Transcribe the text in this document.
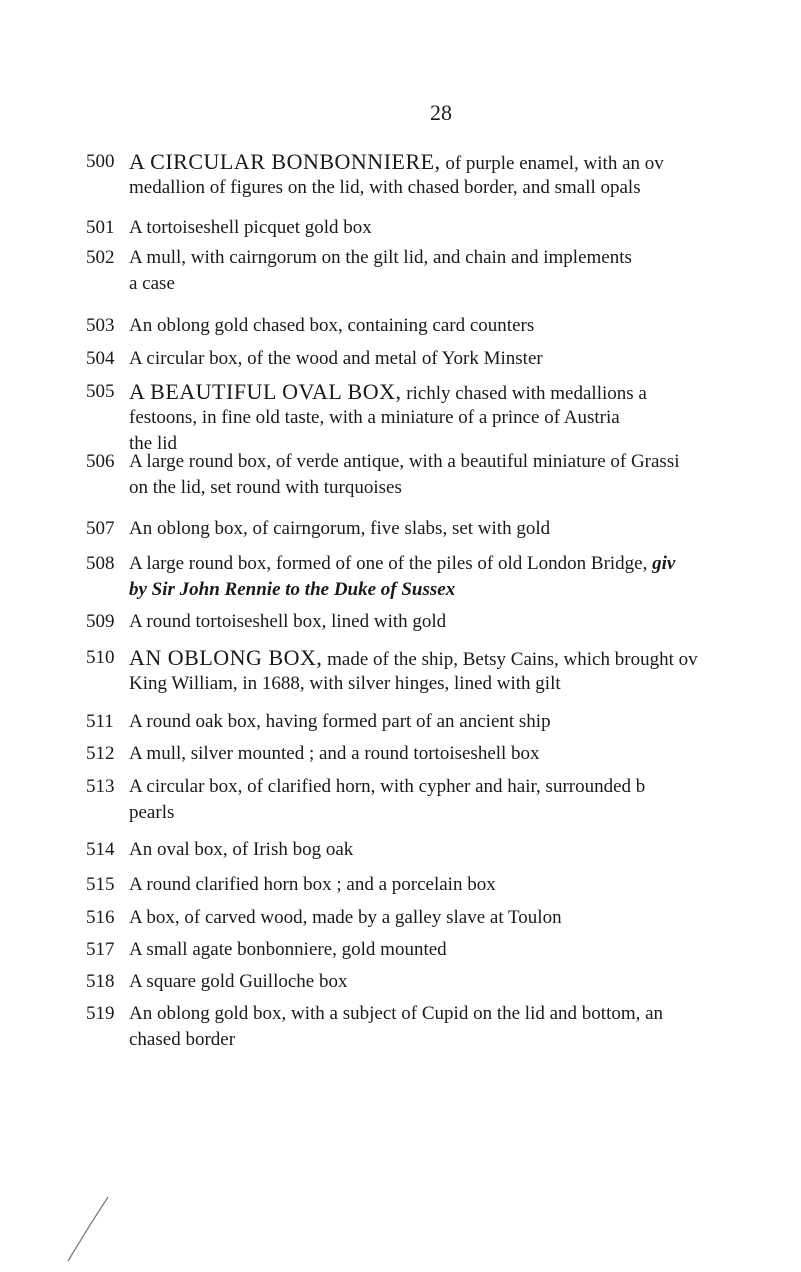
28
500 A CIRCULAR BONBONNIERE, of purple enamel, with an ov
medallion of figures on the lid, with chased border, and small opals
501 A tortoiseshell picquet gold box
502 A mull, with cairngorum on the gilt lid, and chain and implements
a case
503 An oblong gold chased box, containing card counters
504 A circular box, of the wood and metal of York Minster
505 A BEAUTIFUL OVAL BOX, richly chased with medallions a
festoons, in fine old taste, with a miniature of a prince of Austria
the lid
506 A large round box, of verde antique, with a beautiful miniature of Grassi
on the lid, set round with turquoises
507 An oblong box, of cairngorum, five slabs, set with gold
508 A large round box, formed of one of the piles of old London Bridge, giv
by Sir John Rennie to the Duke of Sussex
509 A round tortoiseshell box, lined with gold
510 AN OBLONG BOX, made of the ship, Betsy Cains, which brought ov
King William, in 1688, with silver hinges, lined with gilt
511 A round oak box, having formed part of an ancient ship
512 A mull, silver mounted ; and a round tortoiseshell box
513 A circular box, of clarified horn, with cypher and hair, surrounded b
pearls
514 An oval box, of Irish bog oak
515 A round clarified horn box ; and a porcelain box
516 A box, of carved wood, made by a galley slave at Toulon
517 A small agate bonbonniere, gold mounted
518 A square gold Guilloche box
519 An oblong gold box, with a subject of Cupid on the lid and bottom, an
chased border
